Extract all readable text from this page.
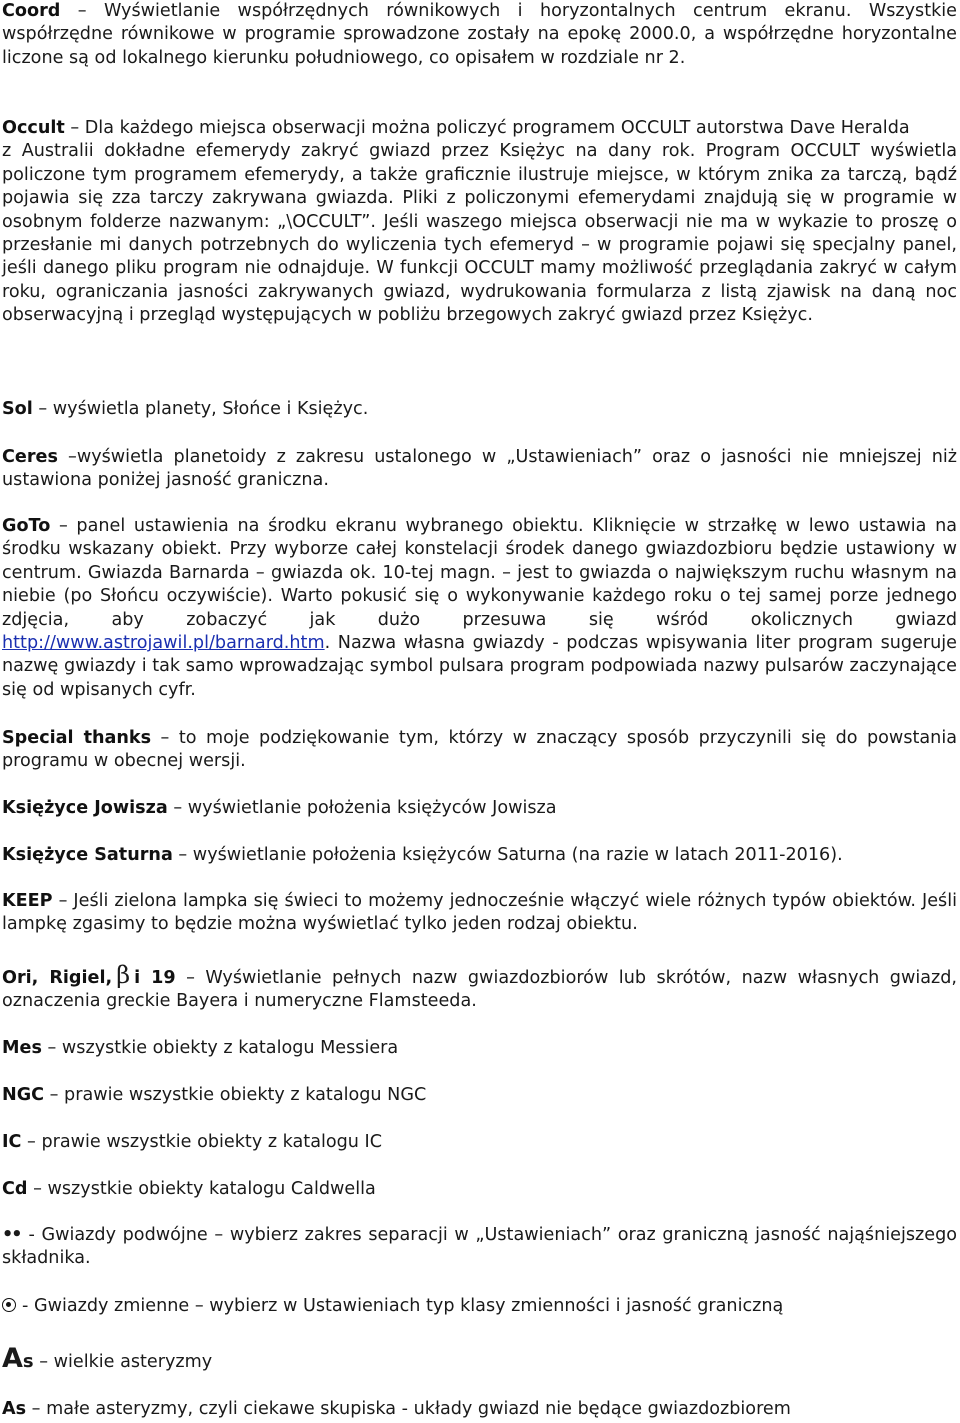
Coord – Wyświetlanie współrzędnych równikowych i horyzontalnych centrum ekranu. Wszystkie współrzędne równikowe w programie sprowadzone zostały na epokę 2000.0, a współrzędne horyzontalne liczone są od lokalnego kierunku południowego, co opisałem w rozdziale nr 2.

Occult – Dla każdego miejsca obserwacji można policzyć programem OCCULT autorstwa Dave Heralda
z Australii dokładne efemerydy zakryć gwiazd przez Księżyc na dany rok. Program OCCULT wyświetla policzone tym programem efemerydy, a także graficznie ilustruje miejsce, w którym znika za tarczą, bądź pojawia się zza tarczy zakrywana gwiazda. Pliki z policzonymi efemerydami znajdują się w programie w osobnym folderze nazwanym: „\OCCULT”. Jeśli waszego miejsca obserwacji nie ma w wykazie to proszę o przesłanie mi danych potrzebnych do wyliczenia tych efemeryd – w programie pojawi się specjalny panel, jeśli danego pliku program nie odnajduje. W funkcji OCCULT mamy możliwość przeglądania zakryć w całym roku, ograniczania jasności zakrywanych gwiazd, wydrukowania formularza z listą zjawisk na daną noc obserwacyjną i przegląd występujących w pobliżu brzegowych zakryć gwiazd przez Księżyc.

Sol – wyświetla planety, Słońce i Księżyc.

Ceres –wyświetla planetoidy z zakresu ustalonego w „Ustawieniach” oraz o jasności nie mniejszej niż ustawiona poniżej jasność graniczna.

GoTo – panel ustawienia na środku ekranu wybranego obiektu. Kliknięcie w strzałkę w lewo ustawia na środku wskazany obiekt. Przy wyborze całej konstelacji środek danego gwiazdozbioru będzie ustawiony w centrum. Gwiazda Barnarda – gwiazda ok. 10-tej magn. – jest to gwiazda o największym ruchu własnym na niebie (po Słońcu oczywiście). Warto pokusić się o wykonywanie każdego roku o tej samej porze jednego zdjęcia, aby zobaczyć jak dużo przesuwa się wśród okolicznych gwiazd http://www.astrojawil.pl/barnard.htm. Nazwa własna gwiazdy - podczas wpisywania liter program sugeruje nazwę gwiazdy i tak samo wprowadzając symbol pulsara program podpowiada nazwy pulsarów zaczynające się od wpisanych cyfr.

Special thanks – to moje podziękowanie tym, którzy w znaczący sposób przyczynili się do powstania programu w obecnej wersji.

Księżyce Jowisza – wyświetlanie położenia księżyców Jowisza

Księżyce Saturna – wyświetlanie położenia księżyców Saturna (na razie w latach 2011-2016).

KEEP – Jeśli zielona lampka się świeci to możemy jednocześnie włączyć wiele różnych typów obiektów. Jeśli lampkę zgasimy to będzie można wyświetlać tylko jeden rodzaj obiektu.

Ori, Rigiel, β i 19 – Wyświetlanie pełnych nazw gwiazdozbiorów lub skrótów, nazw własnych gwiazd, oznaczenia greckie Bayera i numeryczne Flamsteeda.

Mes – wszystkie obiekty z katalogu Messiera

NGC – prawie wszystkie obiekty z katalogu NGC

IC – prawie wszystkie obiekty z katalogu IC

Cd – wszystkie obiekty katalogu Caldwella

•• - Gwiazdy podwójne – wybierz zakres separacji w „Ustawieniach” oraz graniczną jasność nająśniejszego składnika.

- Gwiazdy zmienne – wybierz w Ustawieniach typ klasy zmienności i jasność graniczną

As – wielkie asteryzmy

As – małe asteryzmy, czyli ciekawe skupiska - układy gwiazd nie będące gwiazdozbiorem
